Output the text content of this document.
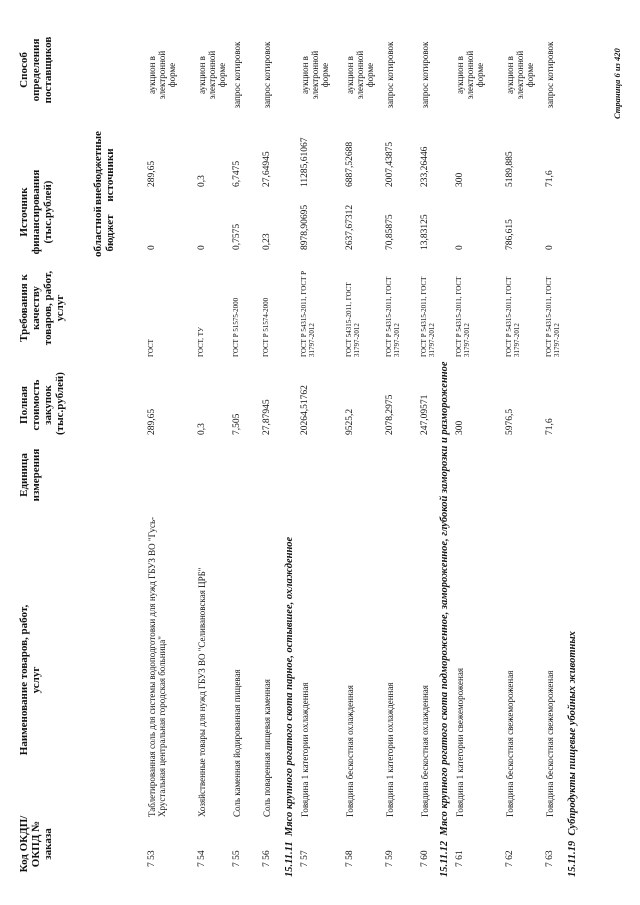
Код ОКДП/ ОКПД № заказа
Наименование товаров, работ, услуг
Единица измерения
Полная стоимость закупок (тыс.рублей)
Требования к качеству товаров, работ, услуг
Источник финансирования (тыс.рублей)	областной бюджет
внебюджетные источники
Способ определения поставщиков
7 53
Таблетированная соль для системы водоподготовки для нужд ГБУЗ ВО "Гусь-Хрустальная центральная городская больница"
289,65
ГОСТ
0
289,65
аукцион в электронной форме
7 54
Хозяйственные товары для нужд ГБУЗ ВО "Селивановская ЦРБ"
0,3
ГОСТ, ТУ
0
0,3
аукцион в электронной форме
7 55
Соль каменная йодированная пищевая
7,505
ГОСТ Р 51575-2000
0,7575
6,7475
запрос котировок
7 56
Соль поваренная пищевая каменная
27,87945
ГОСТ Р 51574-2000
0,23
27,64945
запрос котировок
15.11.11  Мясо крупного рогатого скота парное, остывшее, охлажденное
7 57
Говядина 1 категории охлажденная
20264,51762
ГОСТ Р 54315-2011, ГОСТ Р 31797-2012
8978,90695
11285,61067
аукцион в электронной форме
7 58
Говядина бескостная охлажденная
9525,2
ГОСТ 54315-2011, ГОСТ 31797-2012
2637,67312
6887,52688
аукцион в электронной форме
7 59
Говядина 1 категории охлажденная
2078,2975
ГОСТ Р 54315-2011, ГОСТ 31797-2012
70,85875
2007,43875
запрос котировок
7 60
Говядина бескостная охлажденная
247,09571
ГОСТ Р 54315-2011, ГОСТ 31797-2012
13,83125
233,26446
запрос котировок
15.11.12  Мясо крупного рогатого скота подмороженное, замороженное, глубокой заморозки и размороженное
7 61
Говядина 1 категории свежемороженая
300
ГОСТ Р 54315-2011, ГОСТ 31797-2012
0
300
аукцион в электронной форме
7 62
Говядина бескостная свежемороженая
5976,5
ГОСТ Р 54315-2011, ГОСТ 31797-2012
786,615
5189,885
аукцион в электронной форме
7 63
Говядина бескостная свежемороженая
71,6
ГОСТ Р 54315-2011, ГОСТ 31797-2012
0
71,6
запрос котировок
15.11.19  Субпродукты пищевые убойных животных
Страница 6 из 420
